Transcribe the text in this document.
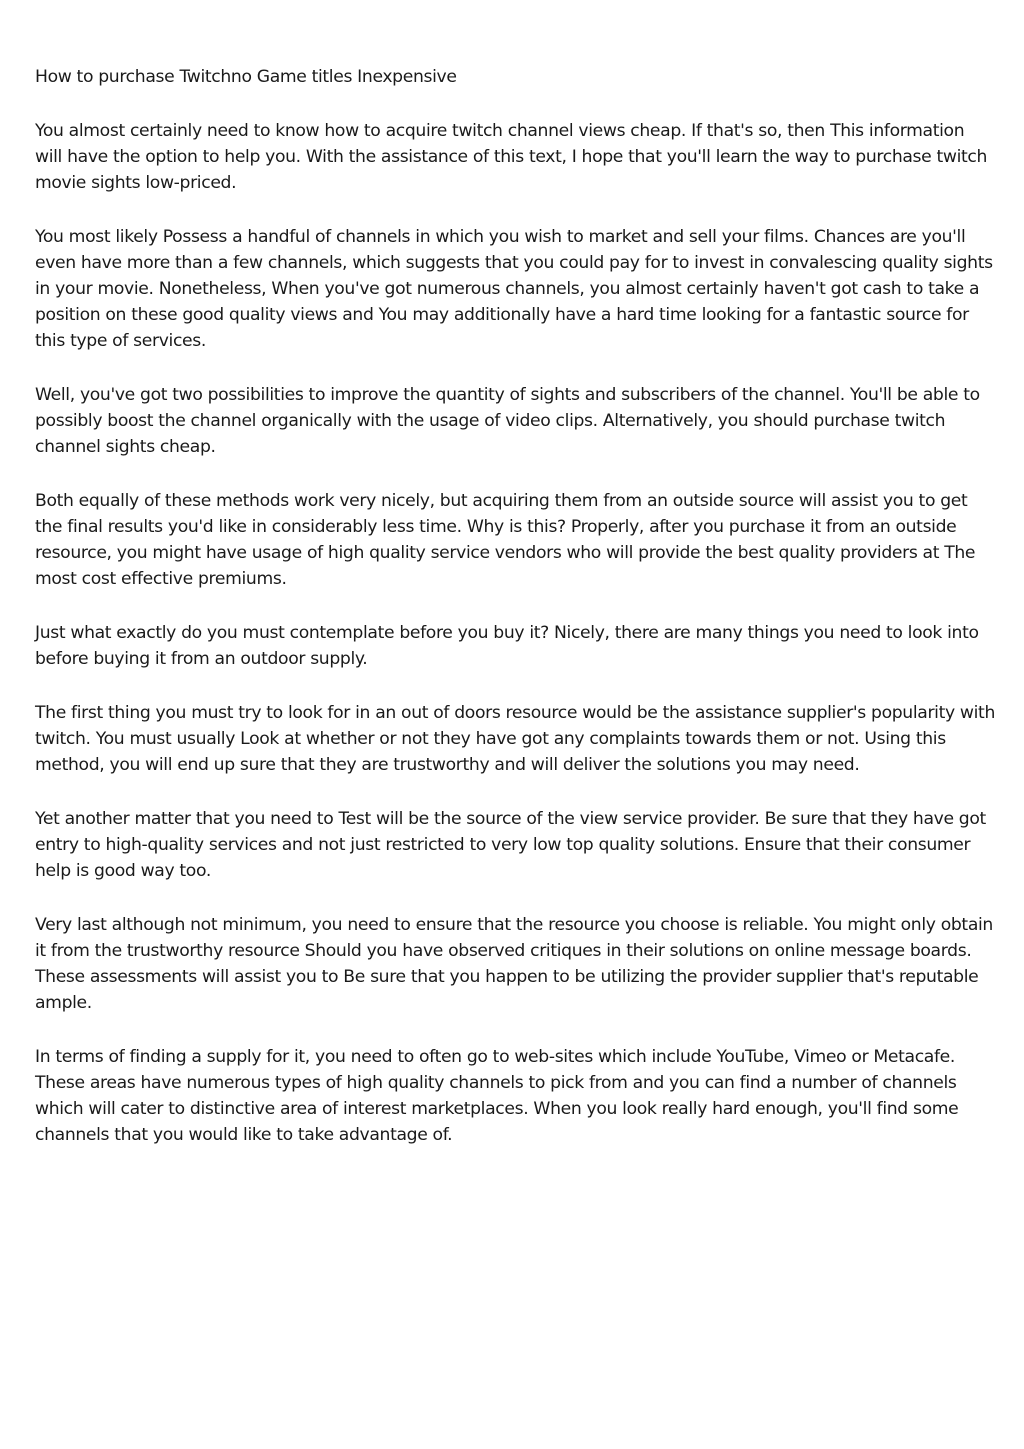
How to purchase Twitchno Game titles Inexpensive

You almost certainly need to know how to acquire twitch channel views cheap. If that's so, then This information will have the option to help you. With the assistance of this text, I hope that you'll learn the way to purchase twitch movie sights low-priced.

You most likely Possess a handful of channels in which you wish to market and sell your films. Chances are you'll even have more than a few channels, which suggests that you could pay for to invest in convalescing quality sights in your movie. Nonetheless, When you've got numerous channels, you almost certainly haven't got cash to take a position on these good quality views and You may additionally have a hard time looking for a fantastic source for this type of services.

Well, you've got two possibilities to improve the quantity of sights and subscribers of the channel. You'll be able to possibly boost the channel organically with the usage of video clips. Alternatively, you should purchase twitch channel sights cheap.

Both equally of these methods work very nicely, but acquiring them from an outside source will assist you to get the final results you'd like in considerably less time. Why is this? Properly, after you purchase it from an outside resource, you might have usage of high quality service vendors who will provide the best quality providers at The most cost effective premiums.

Just what exactly do you must contemplate before you buy it? Nicely, there are many things you need to look into before buying it from an outdoor supply.

The first thing you must try to look for in an out of doors resource would be the assistance supplier's popularity with twitch. You must usually Look at whether or not they have got any complaints towards them or not. Using this method, you will end up sure that they are trustworthy and will deliver the solutions you may need.

Yet another matter that you need to Test will be the source of the view service provider. Be sure that they have got entry to high-quality services and not just restricted to very low top quality solutions. Ensure that their consumer help is good way too.

Very last although not minimum, you need to ensure that the resource you choose is reliable. You might only obtain it from the trustworthy resource Should you have observed critiques in their solutions on online message boards. These assessments will assist you to Be sure that you happen to be utilizing the provider supplier that's reputable ample.

In terms of finding a supply for it, you need to often go to web-sites which include YouTube, Vimeo or Metacafe. These areas have numerous types of high quality channels to pick from and you can find a number of channels which will cater to distinctive area of interest marketplaces. When you look really hard enough, you'll find some channels that you would like to take advantage of.
